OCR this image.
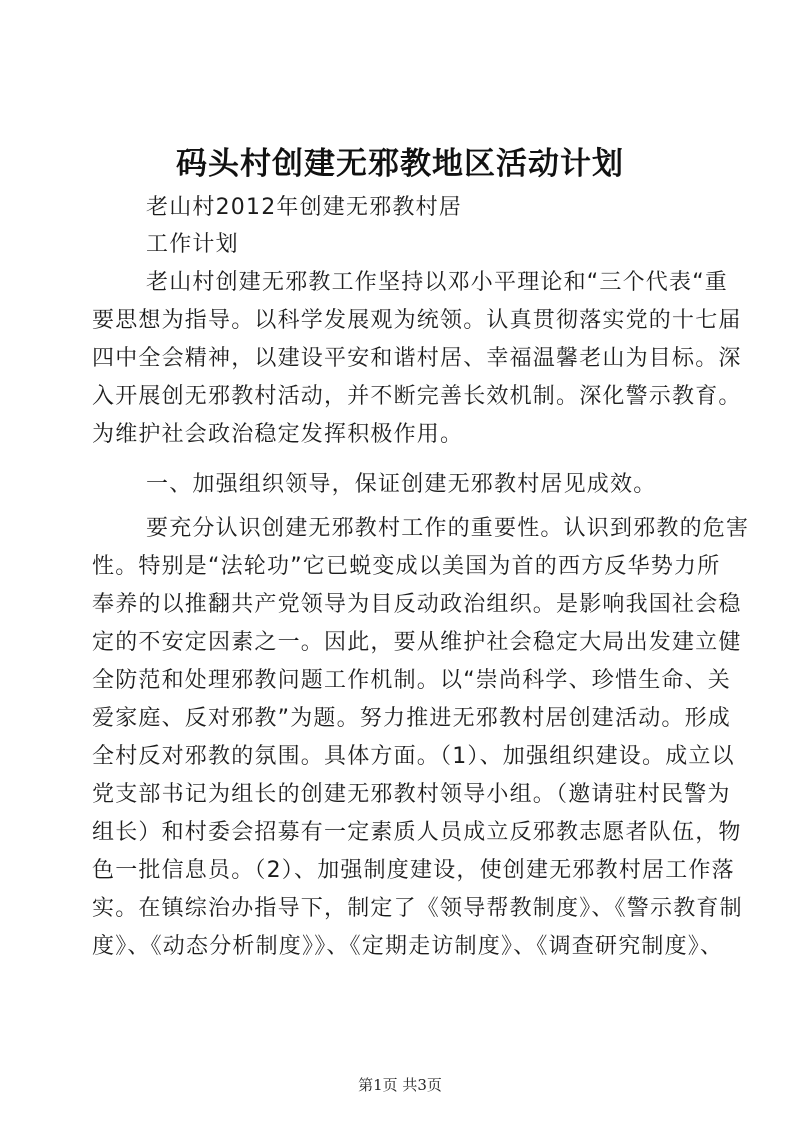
码头村创建无邪教地区活动计划
老山村2012年创建无邪教村居
工作计划
老山村创建无邪教工作坚持以邓小平理论和“三个代表“重
要思想为指导。以科学发展观为统领。认真贯彻落实党的十七届
四中全会精神，以建设平安和谐村居、幸福温馨老山为目标。深
入开展创无邪教村活动，并不断完善长效机制。深化警示教育。
为维护社会政治稳定发挥积极作用。
一、加强组织领导，保证创建无邪教村居见成效。
要充分认识创建无邪教村工作的重要性。认识到邪教的危害
性。特别是“法轮功”它已蜕变成以美国为首的西方反华势力所
奉养的以推翻共产党领导为目反动政治组织。是影响我国社会稳
定的不安定因素之一。因此，要从维护社会稳定大局出发建立健
全防范和处理邪教问题工作机制。以“崇尚科学、珍惜生命、关
爱家庭、反对邪教”为题。努力推进无邪教村居创建活动。形成
全村反对邪教的氛围。具体方面。（1）、加强组织建设。成立以
党支部书记为组长的创建无邪教村领导小组。（邀请驻村民警为
组长）和村委会招募有一定素质人员成立反邪教志愿者队伍，物
色一批信息员。（2）、加强制度建设，使创建无邪教村居工作落
实。在镇综治办指导下，制定了《领导帮教制度》、《警示教育制
度》、《动态分析制度》》、《定期走访制度》、《调查研究制度》、
第1页 共3页
